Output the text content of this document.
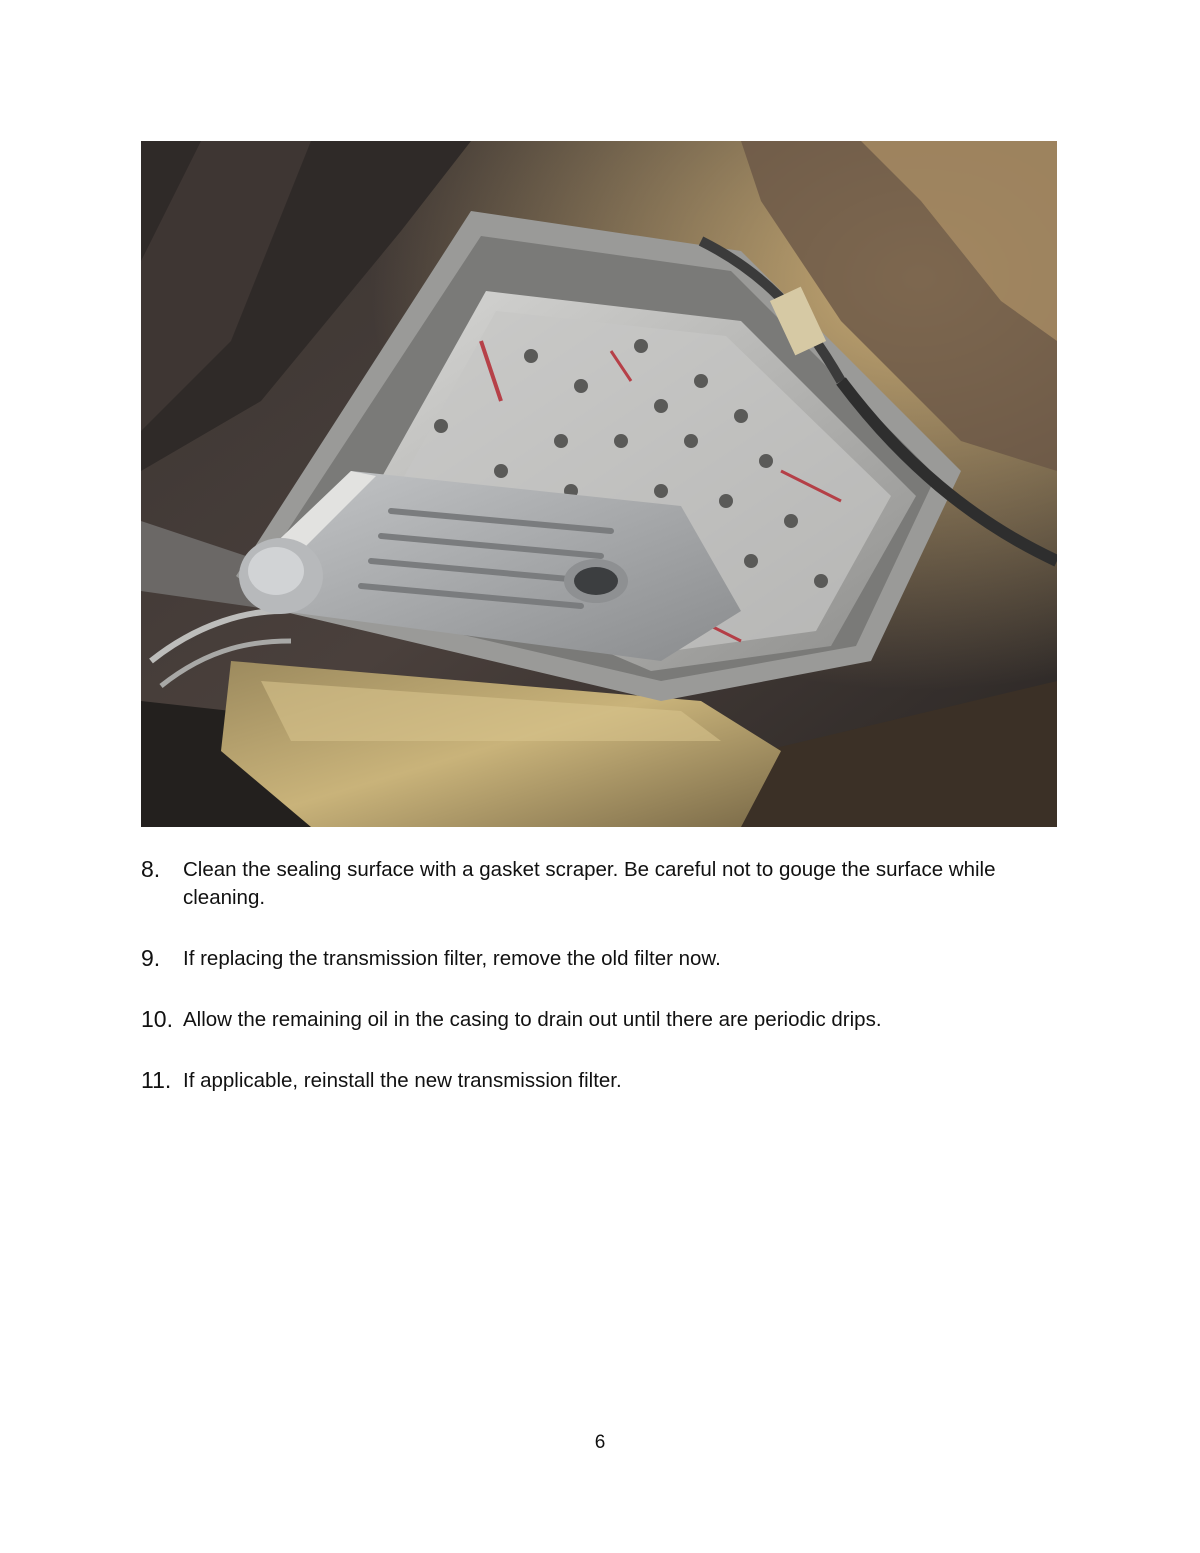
8. Clean the sealing surface with a gasket scraper. Be careful not to gouge the surface while cleaning.
9. If replacing the transmission filter, remove the old filter now.
10. Allow the remaining oil in the casing to drain out until there are periodic drips.
11. If applicable, reinstall the new transmission filter.
6
